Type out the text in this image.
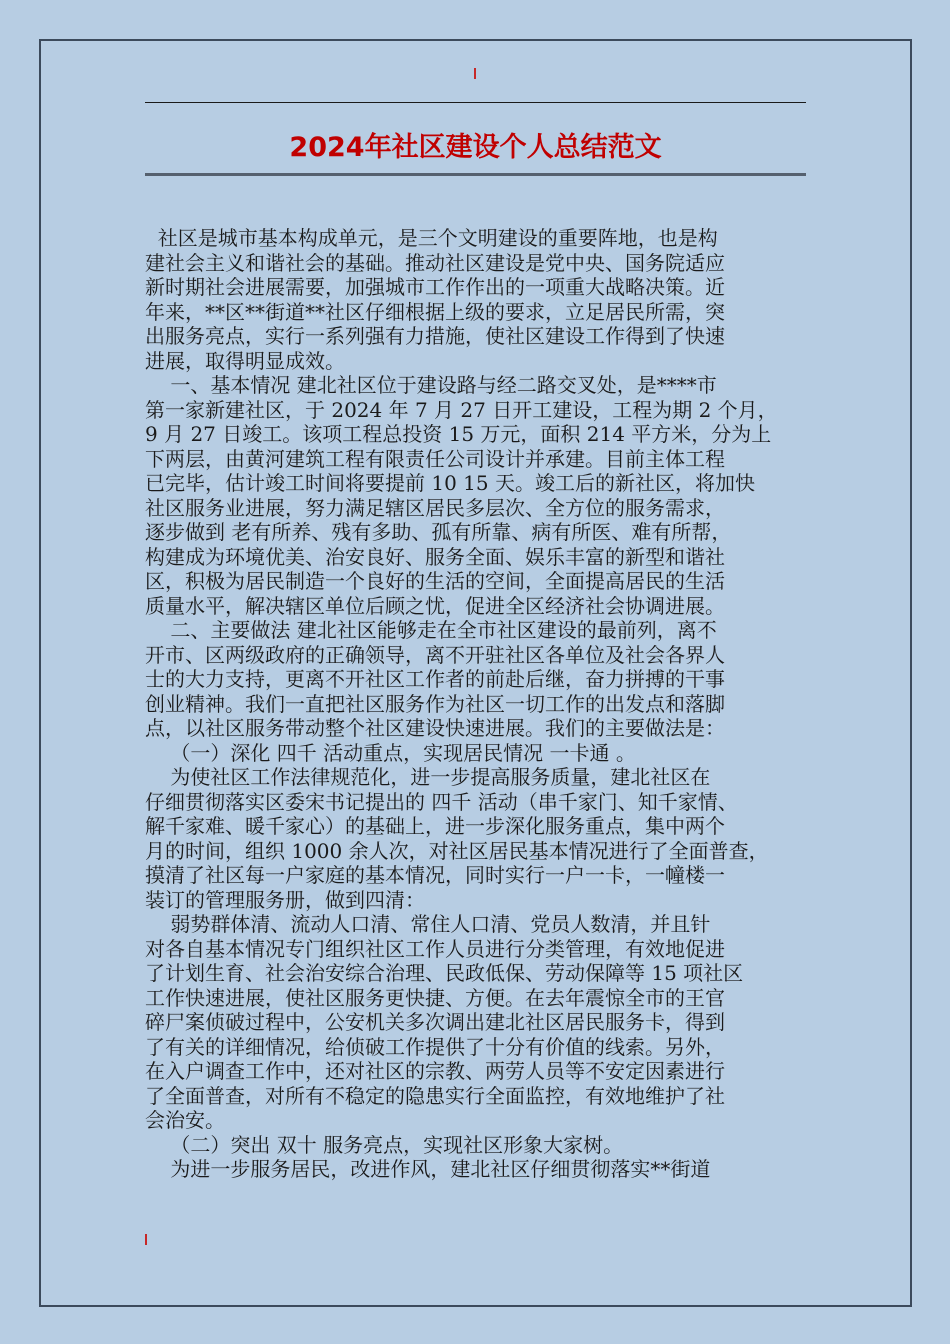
2024年社区建设个人总结范文
社区是城市基本构成单元，是三个文明建设的重要阵地，也是构
建社会主义和谐社会的基础。推动社区建设是党中央、国务院适应
新时期社会进展需要，加强城市工作作出的一项重大战略决策。近
年来，**区**街道**社区仔细根据上级的要求，立足居民所需，突
出服务亮点，实行一系列强有力措施，使社区建设工作得到了快速
进展，取得明显成效。
一、基本情况 建北社区位于建设路与经二路交叉处，是****市
第一家新建社区，于 2024 年 7 月 27 日开工建设，工程为期 2 个月，
9 月 27 日竣工。该项工程总投资 15 万元，面积 214 平方米，分为上
下两层，由黄河建筑工程有限责任公司设计并承建。目前主体工程
已完毕，估计竣工时间将要提前 10 15 天。竣工后的新社区，将加快
社区服务业进展，努力满足辖区居民多层次、全方位的服务需求，
逐步做到 老有所养、残有多助、孤有所靠、病有所医、难有所帮，
构建成为环境优美、治安良好、服务全面、娱乐丰富的新型和谐社
区，积极为居民制造一个良好的生活的空间，全面提高居民的生活
质量水平，解决辖区单位后顾之忧，促进全区经济社会协调进展。
二、主要做法 建北社区能够走在全市社区建设的最前列，离不
开市、区两级政府的正确领导，离不开驻社区各单位及社会各界人
士的大力支持，更离不开社区工作者的前赴后继，奋力拼搏的干事
创业精神。我们一直把社区服务作为社区一切工作的出发点和落脚
点，以社区服务带动整个社区建设快速进展。我们的主要做法是：
（一）深化 四千 活动重点，实现居民情况 一卡通 。
为使社区工作法律规范化，进一步提高服务质量，建北社区在
仔细贯彻落实区委宋书记提出的 四千 活动（串千家门、知千家情、
解千家难、暖千家心）的基础上，进一步深化服务重点，集中两个
月的时间，组织 1000 余人次，对社区居民基本情况进行了全面普查，
摸清了社区每一户家庭的基本情况，同时实行一户一卡，一幢楼一
装订的管理服务册，做到四清：
弱势群体清、流动人口清、常住人口清、党员人数清，并且针
对各自基本情况专门组织社区工作人员进行分类管理，有效地促进
了计划生育、社会治安综合治理、民政低保、劳动保障等 15 项社区
工作快速进展，使社区服务更快捷、方便。在去年震惊全市的王官
碎尸案侦破过程中，公安机关多次调出建北社区居民服务卡，得到
了有关的详细情况，给侦破工作提供了十分有价值的线索。另外，
在入户调查工作中，还对社区的宗教、两劳人员等不安定因素进行
了全面普查，对所有不稳定的隐患实行全面监控，有效地维护了社
会治安。
（二）突出 双十 服务亮点，实现社区形象大家树。
为进一步服务居民，改进作风，建北社区仔细贯彻落实**街道
